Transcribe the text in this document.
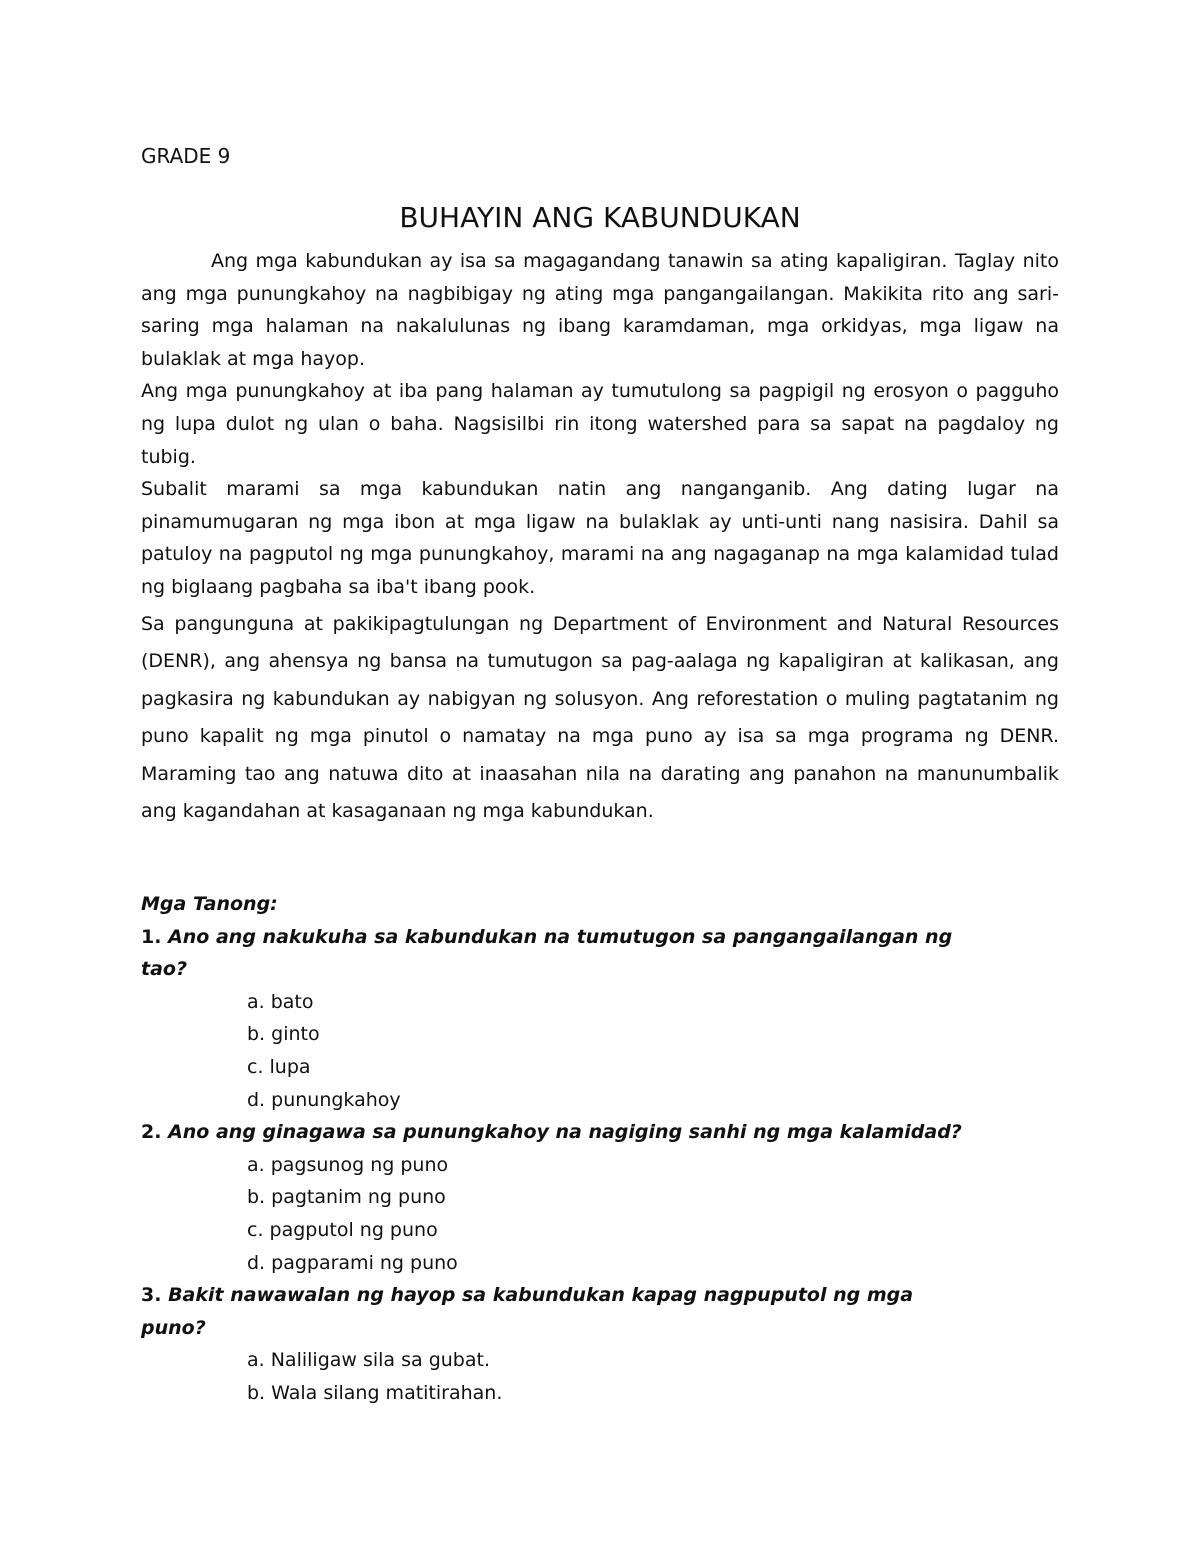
GRADE 9
BUHAYIN ANG KABUNDUKAN

Ang mga kabundukan ay isa sa magagandang tanawin sa ating kapaligiran. Taglay nito ang mga punungkahoy na nagbibigay ng ating mga pangangailangan. Makikita rito ang sari-saring mga halaman na nakalulunas ng ibang karamdaman, mga orkidyas, mga ligaw na bulaklak at mga hayop.

Ang mga punungkahoy at iba pang halaman ay tumutulong sa pagpigil ng erosyon o pagguho ng lupa dulot ng ulan o baha. Nagsisilbi rin itong watershed para sa sapat na pagdaloy ng tubig.

Subalit marami sa mga kabundukan natin ang nanganganib. Ang dating lugar na pinamumugaran ng mga ibon at mga ligaw na bulaklak ay unti-unti nang nasisira. Dahil sa patuloy na pagputol ng mga punungkahoy, marami na ang nagaganap na mga kalamidad tulad ng biglaang pagbaha sa iba't ibang pook.

Sa pangunguna at pakikipagtulungan ng Department of Environment and Natural Resources (DENR), ang ahensya ng bansa na tumutugon sa pag-aalaga ng kapaligiran at kalikasan, ang pagkasira ng kabundukan ay nabigyan ng solusyon. Ang reforestation o muling pagtatanim ng puno kapalit ng mga pinutol o namatay na mga puno ay isa sa mga programa ng DENR. Maraming tao ang natuwa dito at inaasahan nila na darating ang panahon na manunumbalik ang kagandahan at kasaganaan ng mga kabundukan.

Mga Tanong:
1. Ano ang nakukuha sa kabundukan na tumutugon sa pangangailangan ng
tao?
a. bato
b. ginto
c. lupa
d. punungkahoy
2. Ano ang ginagawa sa punungkahoy na nagiging sanhi ng mga kalamidad?
a. pagsunog ng puno
b. pagtanim ng puno
c. pagputol ng puno
d. pagparami ng puno
3. Bakit nawawalan ng hayop sa kabundukan kapag nagpuputol ng mga
puno?
a. Naliligaw sila sa gubat.
b. Wala silang matitirahan.
